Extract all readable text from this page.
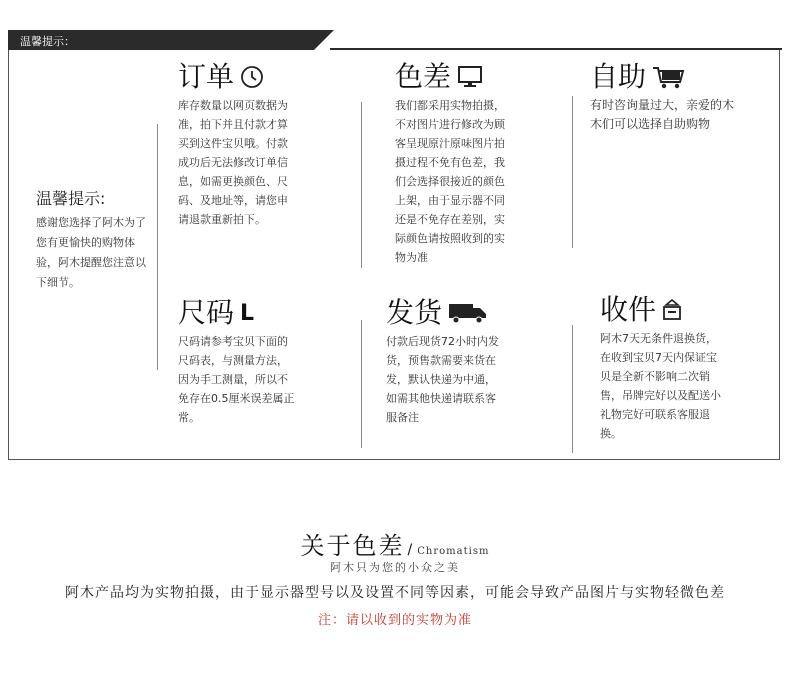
温馨提示：
温馨提示:
感谢您选择了阿木为了您有更愉快的购物体验，阿木提醒您注意以下细节。
订单
库存数量以网页数据为准，拍下并且付款才算买到这件宝贝哦。付款成功后无法修改订单信息，如需更换颜色、尺码、及地址等，请您申请退款重新拍下。
色差
我们都采用实物拍摄，不对图片进行修改为顾客呈现原汁原味图片拍摄过程不免有色差，我们会选择很接近的颜色上架，由于显示器不同还是不免存在差别，实际颜色请按照收到的实物为准
自助
有时咨询量过大，亲爱的木木们可以选择自助购物
尺码 L
尺码请参考宝贝下面的尺码表，与测量方法，因为手工测量，所以不免存在0.5厘米误差属正常。
发货
付款后现货72小时内发货，预售款需要来货在发，默认快递为中通，如需其他快递请联系客服备注
收件
阿木7天无条件退换货，在收到宝贝7天内保证宝贝是全新不影响二次销售，吊牌完好以及配送小礼物完好可联系客服退换。
关于色差 / Chromatism
阿木只为您的小众之美
阿木产品均为实物拍摄，由于显示器型号以及设置不同等因素，可能会导致产品图片与实物轻微色差
注：请以收到的实物为准
